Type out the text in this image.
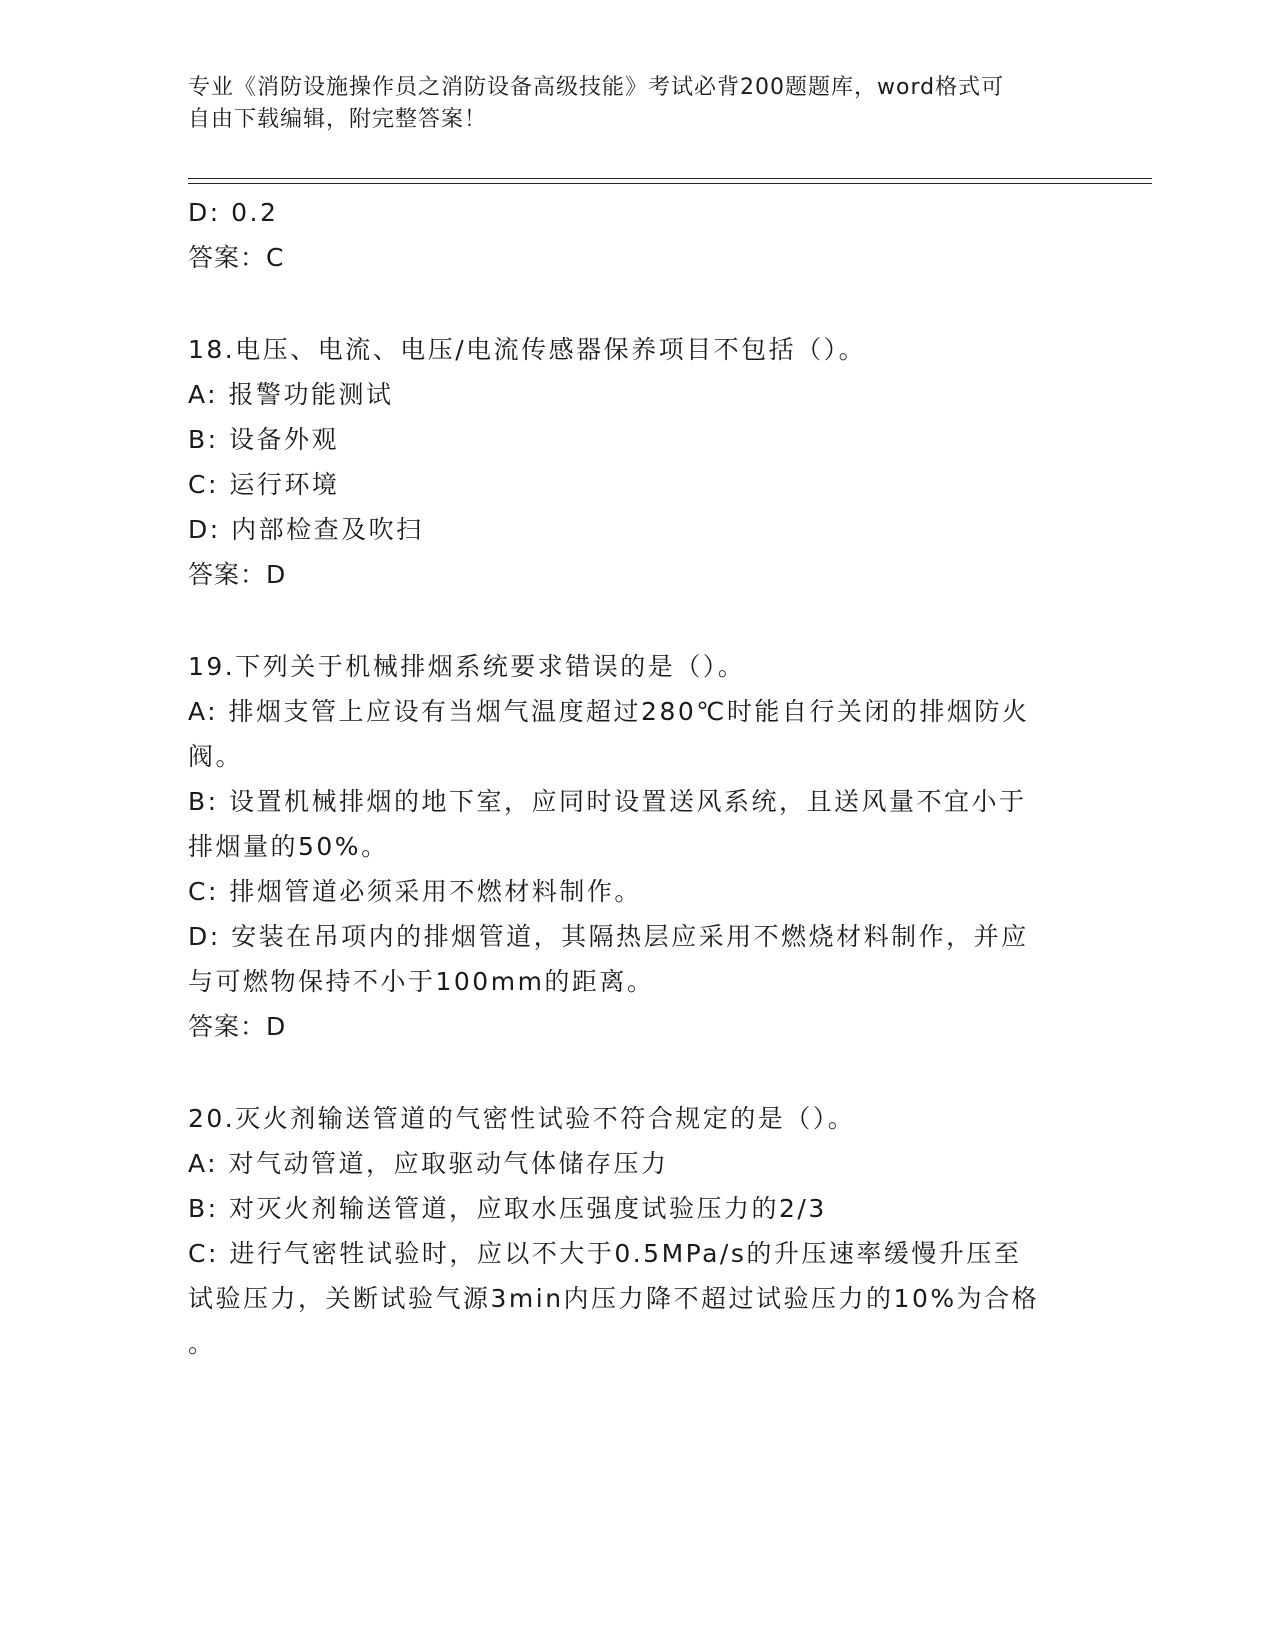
专业《消防设施操作员之消防设备高级技能》考试必背200题题库，word格式可
自由下载编辑，附完整答案！
D: 0.2
答案：C
18.电压、电流、电压/电流传感器保养项目不包括（）。
A: 报警功能测试
B: 设备外观
C: 运行环境
D: 内部检查及吹扫
答案：D
19.下列关于机械排烟系统要求错误的是（）。
A: 排烟支管上应设有当烟气温度超过280℃时能自行关闭的排烟防火
阀。
B: 设置机械排烟的地下室，应同时设置送风系统，且送风量不宜小于
排烟量的50%。
C: 排烟管道必须采用不燃材料制作。
D: 安装在吊项内的排烟管道，其隔热层应采用不燃烧材料制作，并应
与可燃物保持不小于100mm的距离。
答案：D
20.灭火剂输送管道的气密性试验不符合规定的是（）。
A: 对气动管道，应取驱动气体储存压力
B: 对灭火剂输送管道，应取水压强度试验压力的2/3
C: 进行气密牲试验时，应以不大于0.5MPa/s的升压速率缓慢升压至
试验压力，关断试验气源3min内压力降不超过试验压力的10%为合格
。
